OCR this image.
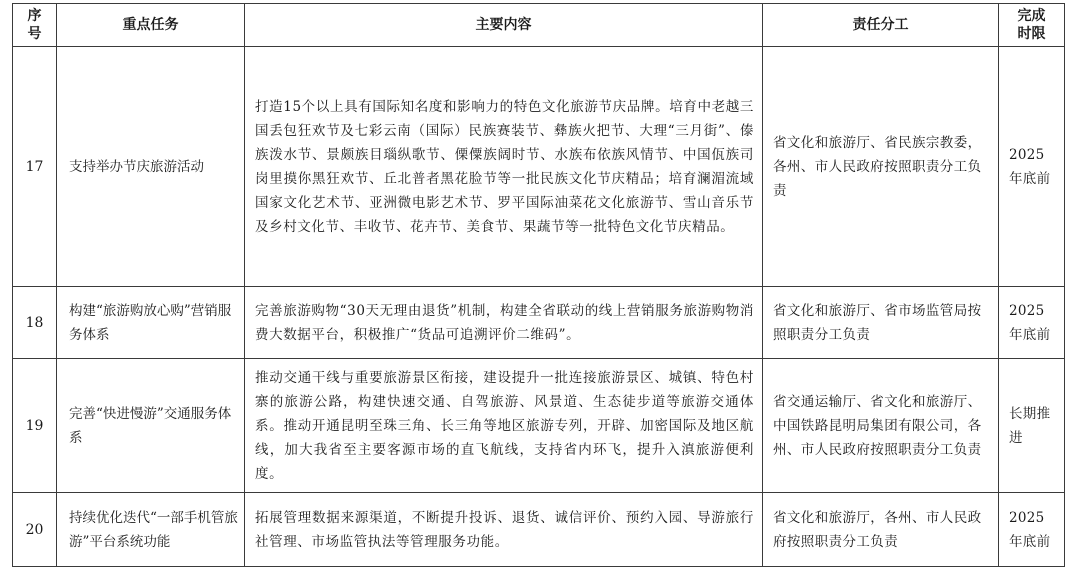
序号	重点任务	主要内容	责任分工	完成时限

17	支持举办节庆旅游活动	打造15个以上具有国际知名度和影响力的特色文化旅游节庆品牌。培育中老越三国丢包狂欢节及七彩云南（国际）民族赛装节、彝族火把节、大理“三月街”、傣族泼水节、景颇族目瑙纵歌节、傈僳族阔时节、水族布依族风情节、中国佤族司岗里摸你黑狂欢节、丘北普者黑花脸节等一批民族文化节庆精品；培育澜湄流域国家文化艺术节、亚洲微电影艺术节、罗平国际油菜花文化旅游节、雪山音乐节及乡村文化节、丰收节、花卉节、美食节、果蔬节等一批特色文化节庆精品。	省文化和旅游厅、省民族宗教委，各州、市人民政府按照职责分工负责	2025年底前
18	构建“旅游购放心购”营销服务体系	完善旅游购物“30天无理由退货”机制，构建全省联动的线上营销服务旅游购物消费大数据平台，积极推广“货品可追溯评价二维码”。	省文化和旅游厅、省市场监管局按照职责分工负责	2025年底前
19	完善“快进慢游”交通服务体系	推动交通干线与重要旅游景区衔接，建设提升一批连接旅游景区、城镇、特色村寨的旅游公路，构建快速交通、自驾旅游、风景道、生态徒步道等旅游交通体系。推动开通昆明至珠三角、长三角等地区旅游专列，开辟、加密国际及地区航线，加大我省至主要客源市场的直飞航线，支持省内环飞，提升入滇旅游便利度。	省交通运输厅、省文化和旅游厅、中国铁路昆明局集团有限公司，各州、市人民政府按照职责分工负责	长期推进
20	持续优化迭代“一部手机管旅游”平台系统功能	拓展管理数据来源渠道，不断提升投诉、退货、诚信评价、预约入园、导游旅行社管理、市场监管执法等管理服务功能。	省文化和旅游厅，各州、市人民政府按照职责分工负责	2025年底前
